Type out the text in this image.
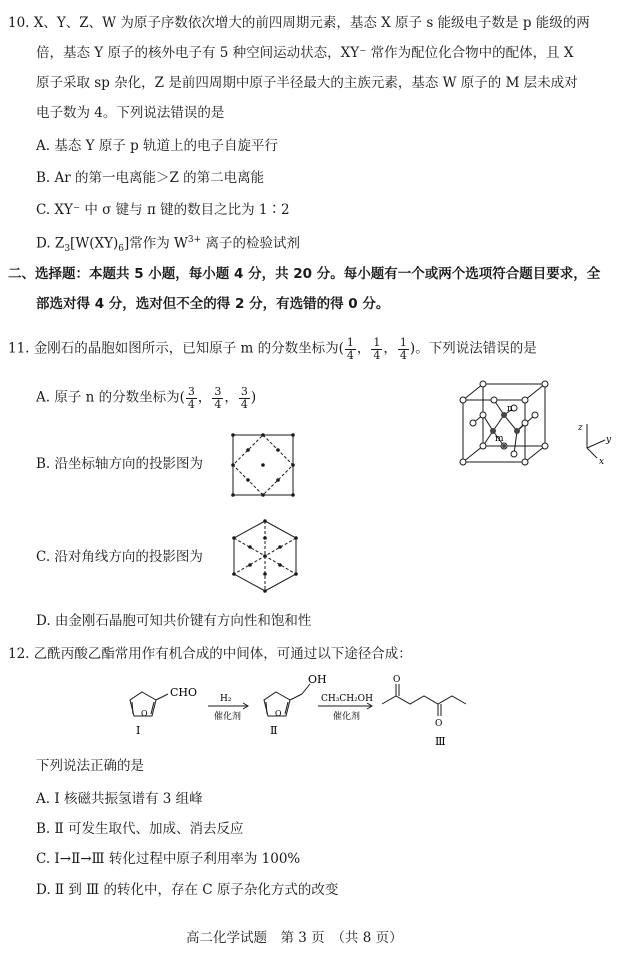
10. X、Y、Z、W 为原子序数依次增大的前四周期元素，基态 X 原子 s 能级电子数是 p 能级的两
倍，基态 Y 原子的核外电子有 5 种空间运动状态，XY⁻ 常作为配位化合物中的配体，且 X
原子采取 sp 杂化，Z 是前四周期中原子半径最大的主族元素，基态 W 原子的 M 层未成对
电子数为 4。下列说法错误的是
A. 基态 Y 原子 p 轨道上的电子自旋平行
B. Ar 的第一电离能＞Z 的第二电离能
C. XY⁻ 中 σ 键与 π 键的数目之比为 1∶2
D. $Z_3[W(XY)_6]$常作为 $W^{3+}$ 离子的检验试剂
二、选择题：本题共 5 小题，每小题 4 分，共 20 分。每小题有一个或两个选项符合题目要求，全
部选对得 4 分，选对但不全的得 2 分，有选错的得 0 分。
11. 金刚石的晶胞如图所示，已知原子 m 的分数坐标为( $\frac{1}{4}$ ， $\frac{1}{4}$ ， $\frac{1}{4}$ )。下列说法错误的是
A. 原子 n 的分数坐标为( $\frac{3}{4}$ ， $\frac{3}{4}$ ， $\frac{3}{4}$ )
m
n
z
y
x
B. 沿坐标轴方向的投影图为
C. 沿对角线方向的投影图为
D. 由金刚石晶胞可知共价键有方向性和饱和性
12. 乙酰丙酸乙酯常用作有机合成的中间体，可通过以下途径合成：
O	O
CHO
OH
H₂
催化剂
CH₃CH₂OH
催化剂
O
O
Ⅰ	Ⅱ
Ⅲ
下列说法正确的是
A. Ⅰ 核磁共振氢谱有 3 组峰
B. Ⅱ 可发生取代、加成、消去反应
C. Ⅰ→Ⅱ→Ⅲ 转化过程中原子利用率为 100%
D. Ⅱ 到 Ⅲ 的转化中，存在 C 原子杂化方式的改变
高二化学试题　第 3 页　（共 8 页）
